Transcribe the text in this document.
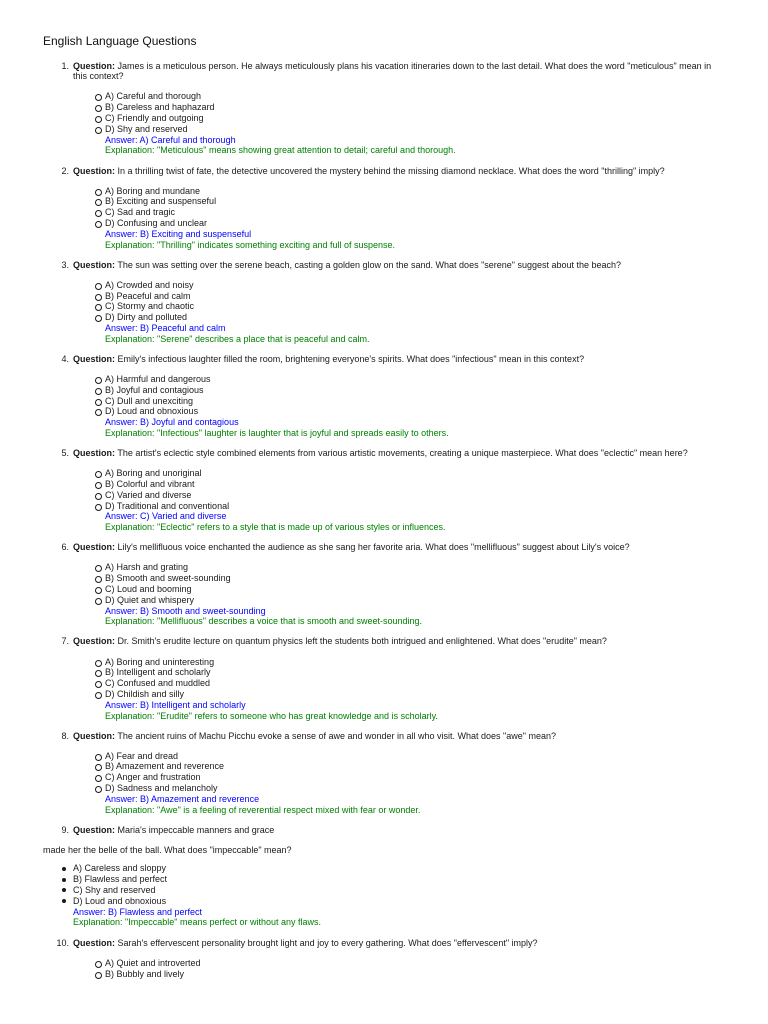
English Language Questions
1. Question: James is a meticulous person. He always meticulously plans his vacation itineraries down to the last detail. What does the word "meticulous" mean in this context?

A) Careful and thorough
B) Careless and haphazard
C) Friendly and outgoing
D) Shy and reserved
Answer: A) Careful and thorough
Explanation: "Meticulous" means showing great attention to detail; careful and thorough.
2. Question: In a thrilling twist of fate, the detective uncovered the mystery behind the missing diamond necklace. What does the word "thrilling" imply?

A) Boring and mundane
B) Exciting and suspenseful
C) Sad and tragic
D) Confusing and unclear
Answer: B) Exciting and suspenseful
Explanation: "Thrilling" indicates something exciting and full of suspense.
3. Question: The sun was setting over the serene beach, casting a golden glow on the sand. What does "serene" suggest about the beach?

A) Crowded and noisy
B) Peaceful and calm
C) Stormy and chaotic
D) Dirty and polluted
Answer: B) Peaceful and calm
Explanation: "Serene" describes a place that is peaceful and calm.
4. Question: Emily's infectious laughter filled the room, brightening everyone's spirits. What does "infectious" mean in this context?

A) Harmful and dangerous
B) Joyful and contagious
C) Dull and unexciting
D) Loud and obnoxious
Answer: B) Joyful and contagious
Explanation: "Infectious" laughter is laughter that is joyful and spreads easily to others.
5. Question: The artist's eclectic style combined elements from various artistic movements, creating a unique masterpiece. What does "eclectic" mean here?

A) Boring and unoriginal
B) Colorful and vibrant
C) Varied and diverse
D) Traditional and conventional
Answer: C) Varied and diverse
Explanation: "Eclectic" refers to a style that is made up of various styles or influences.
6. Question: Lily's mellifluous voice enchanted the audience as she sang her favorite aria. What does "mellifluous" suggest about Lily's voice?

A) Harsh and grating
B) Smooth and sweet-sounding
C) Loud and booming
D) Quiet and whispery
Answer: B) Smooth and sweet-sounding
Explanation: "Mellifluous" describes a voice that is smooth and sweet-sounding.
7. Question: Dr. Smith's erudite lecture on quantum physics left the students both intrigued and enlightened. What does "erudite" mean?

A) Boring and uninteresting
B) Intelligent and scholarly
C) Confused and muddled
D) Childish and silly
Answer: B) Intelligent and scholarly
Explanation: "Erudite" refers to someone who has great knowledge and is scholarly.
8. Question: The ancient ruins of Machu Picchu evoke a sense of awe and wonder in all who visit. What does "awe" mean?

A) Fear and dread
B) Amazement and reverence
C) Anger and frustration
D) Sadness and melancholy
Answer: B) Amazement and reverence
Explanation: "Awe" is a feeling of reverential respect mixed with fear or wonder.
9. Question: Maria's impeccable manners and grace

made her the belle of the ball. What does "impeccable" mean?

A) Careless and sloppy
B) Flawless and perfect
C) Shy and reserved
D) Loud and obnoxious
Answer: B) Flawless and perfect
Explanation: "Impeccable" means perfect or without any flaws.
10. Question: Sarah's effervescent personality brought light and joy to every gathering. What does "effervescent" imply?

A) Quiet and introverted
B) Bubbly and lively
